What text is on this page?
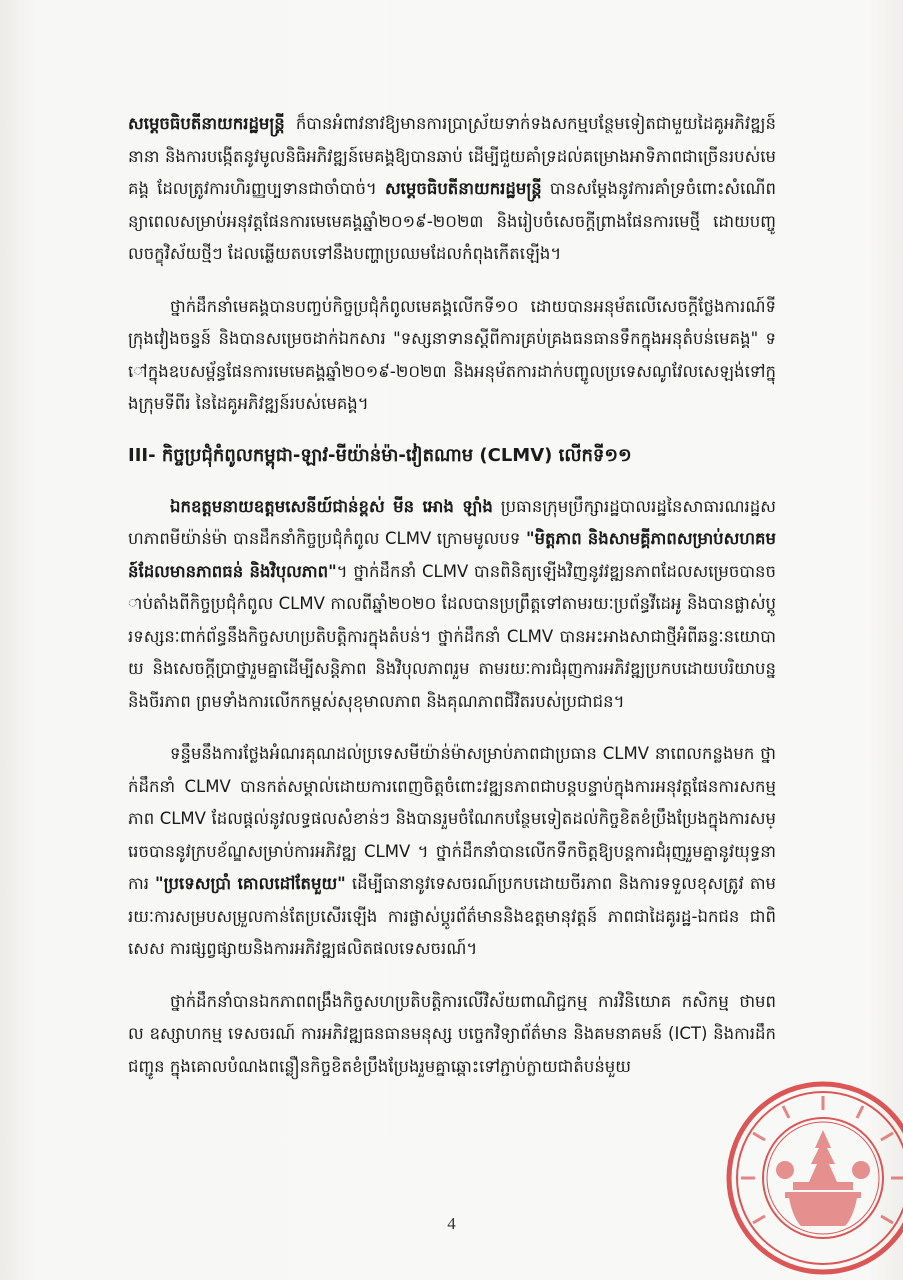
សម្តេចធិបតីនាយករដ្ឋមន្ត្រី ក៏បានអំពាវនាវឱ្យមានការប្រាស្រ័យទាក់ទងសកម្មបន្ថែមទៀតជាមួយដៃគូអភិវឌ្ឍន៍នានា និងការបង្កើតនូវមូលនិធិអភិវឌ្ឍន៍មេគង្គឱ្យបានឆាប់ ដើម្បីជួយគាំទ្រដល់គម្រោងអាទិភាពជាច្រើនរបស់មេគង្គ ដែលត្រូវការហិរញ្ញប្បទានជាចាំបាច់។ សម្តេចធិបតីនាយករដ្ឋមន្ត្រី បានសម្តែងនូវការគាំទ្រចំពោះសំណើពន្យាពេលសម្រាប់អនុវត្តផែនការមេមេគង្គឆ្នាំ២០១៩-២០២៣ និងរៀបចំសេចក្តីព្រាងផែនការមេថ្មី ដោយបញ្ចូលចក្ខុវិស័យថ្មីៗ ដែលឆ្លើយតបទៅនឹងបញ្ហាប្រឈមដែលកំពុងកើតឡើង។

ថ្នាក់ដឹកនាំមេគង្គបានបញ្ចប់កិច្ចប្រជុំកំពូលមេគង្គលើកទី១០ ដោយបានអនុម័តលើសេចក្តីថ្លែងការណ៍ទីក្រុងវៀងចន្ទន៍ និងបានសម្រេចដាក់ឯកសារ "ទស្សនាទានស្តីពីការគ្រប់គ្រងធនធានទឹកក្នុងអនុតំបន់មេគង្គ" ទៅក្នុងឧបសម្ព័ន្ធផែនការមេមេគង្គឆ្នាំ២០១៩-២០២៣ និងអនុម័តការដាក់បញ្ចូលប្រទេសណូវែលសេឡង់ទៅក្នុងក្រុមទីពីរ នៃដៃគូអភិវឌ្ឍន៍របស់មេគង្គ។

III- កិច្ចប្រជុំកំពូលកម្ពុជា-ឡាវ-មីយ៉ាន់ម៉ា-វៀតណាម (CLMV) លើកទី១១

ឯកឧត្តមនាយឧត្តមសេនីយ៍ជាន់ខ្ពស់ មីន អោង ឡាំង ប្រធានក្រុមប្រឹក្សារដ្ឋបាលរដ្ឋនៃសាធារណរដ្ឋសហភាពមីយ៉ាន់ម៉ា បានដឹកនាំកិច្ចប្រជុំកំពូល CLMV ក្រោមមូលបទ "មិត្តភាព និងសាមគ្គីភាពសម្រាប់សហគមន៍ដែលមានភាពធន់ និងវិបុលភាព"។ ថ្នាក់ដឹកនាំ CLMV បានពិនិត្យឡើងវិញនូវវឌ្ឍនភាពដែលសម្រេចបានចាប់តាំងពីកិច្ចប្រជុំកំពូល CLMV កាលពីឆ្នាំ២០២០ ដែលបានប្រព្រឹត្តទៅតាមរយៈប្រព័ន្ធវីដេអូ និងបានផ្លាស់ប្តូរទស្សនៈពាក់ព័ន្ធនឹងកិច្ចសហប្រតិបត្តិការក្នុងតំបន់។ ថ្នាក់ដឹកនាំ CLMV បានអះអាងសាជាថ្មីអំពីឆន្ទៈនយោបាយ និងសេចក្តីប្រាថ្នារួមគ្នាដើម្បីសន្តិភាព និងវិបុលភាពរួម តាមរយៈការជំរុញការអភិវឌ្ឍប្រកបដោយបរិយាបន្ន និងចីរភាព ព្រមទាំងការលើកកម្ពស់សុខុមាលភាព និងគុណភាពជីវិតរបស់ប្រជាជន។

ទន្ទឹមនឹងការថ្លែងអំណរគុណដល់ប្រទេសមីយ៉ាន់ម៉ាសម្រាប់ភាពជាប្រធាន CLMV នាពេលកន្លងមក ថ្នាក់ដឹកនាំ CLMV បានកត់សម្គាល់ដោយការពេញចិត្តចំពោះវឌ្ឍនភាពជាបន្តបន្ទាប់ក្នុងការអនុវត្តផែនការសកម្មភាព CLMV ដែលផ្តល់នូវលទ្ធផលសំខាន់ៗ និងបានរួមចំណែកបន្ថែមទៀតដល់កិច្ចខិតខំប្រឹងប្រែងក្នុងការសម្រេចបាននូវក្របខ័ណ្ឌសម្រាប់ការអភិវឌ្ឍ CLMV ។ ថ្នាក់ដឹកនាំបានលើកទឹកចិត្តឱ្យបន្តការជំរុញរួមគ្នានូវយុទ្ធនាការ "ប្រទេសប្រាំ គោលដៅតែមួយ" ដើម្បីធានានូវទេសចរណ៍ប្រកបដោយចីរភាព និងការទទួលខុសត្រូវ តាមរយៈការសម្របសម្រួលកាន់តែប្រសើរឡើង ការផ្លាស់ប្តូរព័ត៌មាននិងឧត្តមានុវត្តន៍ ភាពជាដៃគូរដ្ឋ-ឯកជន ជាពិសេស ការផ្សព្វផ្សាយនិងការអភិវឌ្ឍផលិតផលទេសចរណ៍។

ថ្នាក់ដឹកនាំបានឯកភាពពង្រឹងកិច្ចសហប្រតិបត្តិការលើវិស័យពាណិជ្ជកម្ម ការវិនិយោគ កសិកម្ម ថាមពល ឧស្សាហកម្ម ទេសចរណ៍ ការអភិវឌ្ឍធនធានមនុស្ស បច្ចេកវិទ្យាព័ត៌មាន និងគមនាគមន៍ (ICT) និងការដឹកជញ្ជូន ក្នុងគោលបំណងពន្លឿនកិច្ចខិតខំប្រឹងប្រែងរួមគ្នាឆ្ពោះទៅភ្ជាប់ក្លាយជាតំបន់មួយ

4
